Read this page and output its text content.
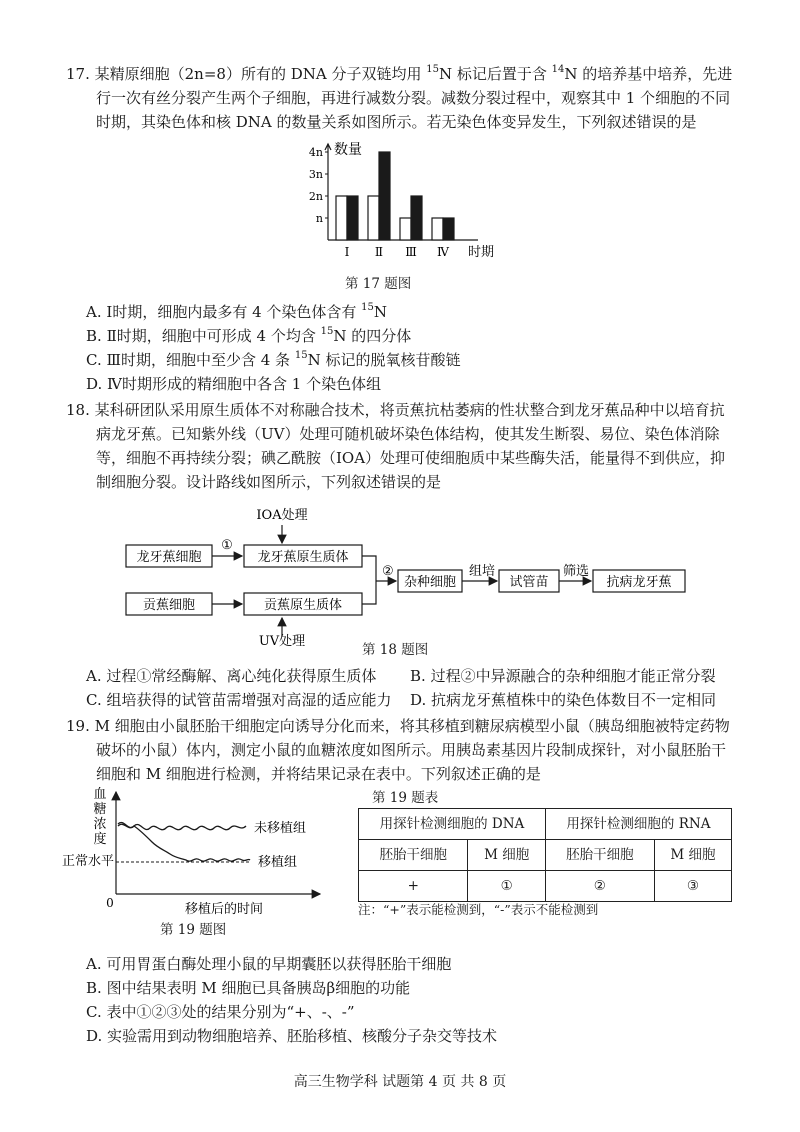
17. 某精原细胞（2n=8）所有的 DNA 分子双链均用 $^{15}$N 标记后置于含 $^{14}$N 的培养基中培养，先进行一次有丝分裂产生两个子细胞，再进行减数分裂。减数分裂过程中，观察其中 1 个细胞的不同时期，其染色体和核 DNA 的数量关系如图所示。若无染色体变异发生，下列叙述错误的是

数量
n
2n
3n
4n
Ⅰ Ⅱ Ⅲ Ⅳ 时期
第 17 题图
A. Ⅰ时期，细胞内最多有 4 个染色体含有 $^{15}$N
B. Ⅱ时期，细胞中可形成 4 个均含 $^{15}$N 的四分体
C. Ⅲ时期，细胞中至少含 4 条 $^{15}$N 标记的脱氧核苷酸链
D. Ⅳ时期形成的精细胞中各含 1 个染色体组

18. 某科研团队采用原生质体不对称融合技术，将贡蕉抗枯萎病的性状整合到龙牙蕉品种中以培育抗病龙牙蕉。已知紫外线（UV）处理可随机破坏染色体结构，使其发生断裂、易位、染色体消除等，细胞不再持续分裂；碘乙酰胺（IOA）处理可使细胞质中某些酶失活，能量得不到供应，抑制细胞分裂。设计路线如图所示，下列叙述错误的是

IOA处理
龙牙蕉细胞
①
龙牙蕉原生质体
贡蕉细胞	贡蕉原生质体
UV处理
②
杂种细胞
组培
试管苗
筛选
抗病龙牙蕉
第 18 题图
A. 过程①常经酶解、离心纯化获得原生质体 B. 过程②中异源融合的杂种细胞才能正常分裂
C. 组培获得的试管苗需增强对高湿的适应能力 D. 抗病龙牙蕉植株中的染色体数目不一定相同

19. M 细胞由小鼠胚胎干细胞定向诱导分化而来，将其移植到糖尿病模型小鼠（胰岛细胞被特定药物破坏的小鼠）体内，测定小鼠的血糖浓度如图所示。用胰岛素基因片段制成探针，对小鼠胚胎干细胞和 M 细胞进行检测，并将结果记录在表中。下列叙述正确的是

血
糖
浓
度
0
正常水平
未移植组
移植组
移植后的时间
第 19 题图
第 19 题表
用探针检测细胞的 DNA		用探针检测细胞的 RNA	
胚胎干细胞	M 细胞	胚胎干细胞	M 细胞
+	①	②	③
注：“+”表示能检测到，“-”表示不能检测到
A. 可用胃蛋白酶处理小鼠的早期囊胚以获得胚胎干细胞
B. 图中结果表明 M 细胞已具备胰岛β细胞的功能
C. 表中①②③处的结果分别为“+、-、-”
D. 实验需用到动物细胞培养、胚胎移植、核酸分子杂交等技术
高三生物学科 试题第 4 页 共 8 页
